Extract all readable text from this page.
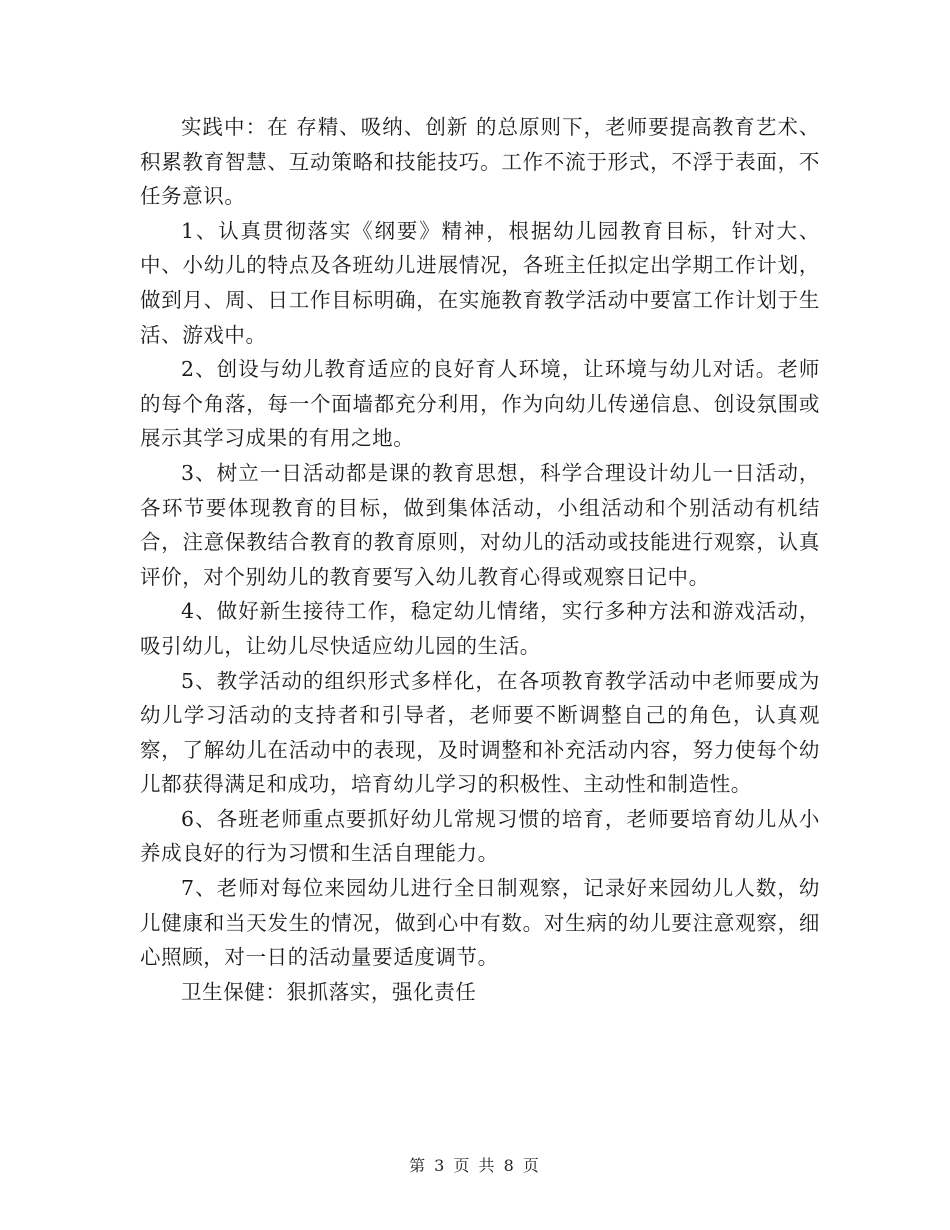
实践中：在 存精、吸纳、创新 的总原则下，老师要提高教育艺术、积累教育智慧、互动策略和技能技巧。工作不流于形式，不浮于表面，不任务意识。

1、认真贯彻落实《纲要》精神，根据幼儿园教育目标，针对大、中、小幼儿的特点及各班幼儿进展情况，各班主任拟定出学期工作计划，做到月、周、日工作目标明确，在实施教育教学活动中要富工作计划于生活、游戏中。

2、创设与幼儿教育适应的良好育人环境，让环境与幼儿对话。老师的每个角落，每一个面墙都充分利用，作为向幼儿传递信息、创设氛围或展示其学习成果的有用之地。

3、树立一日活动都是课的教育思想，科学合理设计幼儿一日活动，各环节要体现教育的目标，做到集体活动，小组活动和个别活动有机结合，注意保教结合教育的教育原则，对幼儿的活动或技能进行观察，认真评价，对个别幼儿的教育要写入幼儿教育心得或观察日记中。

4、做好新生接待工作，稳定幼儿情绪，实行多种方法和游戏活动，吸引幼儿，让幼儿尽快适应幼儿园的生活。

5、教学活动的组织形式多样化，在各项教育教学活动中老师要成为幼儿学习活动的支持者和引导者，老师要不断调整自己的角色，认真观察，了解幼儿在活动中的表现，及时调整和补充活动内容，努力使每个幼儿都获得满足和成功，培育幼儿学习的积极性、主动性和制造性。

6、各班老师重点要抓好幼儿常规习惯的培育，老师要培育幼儿从小养成良好的行为习惯和生活自理能力。

7、老师对每位来园幼儿进行全日制观察，记录好来园幼儿人数，幼儿健康和当天发生的情况，做到心中有数。对生病的幼儿要注意观察，细心照顾，对一日的活动量要适度调节。

卫生保健：狠抓落实，强化责任

第 3 页 共 8 页
